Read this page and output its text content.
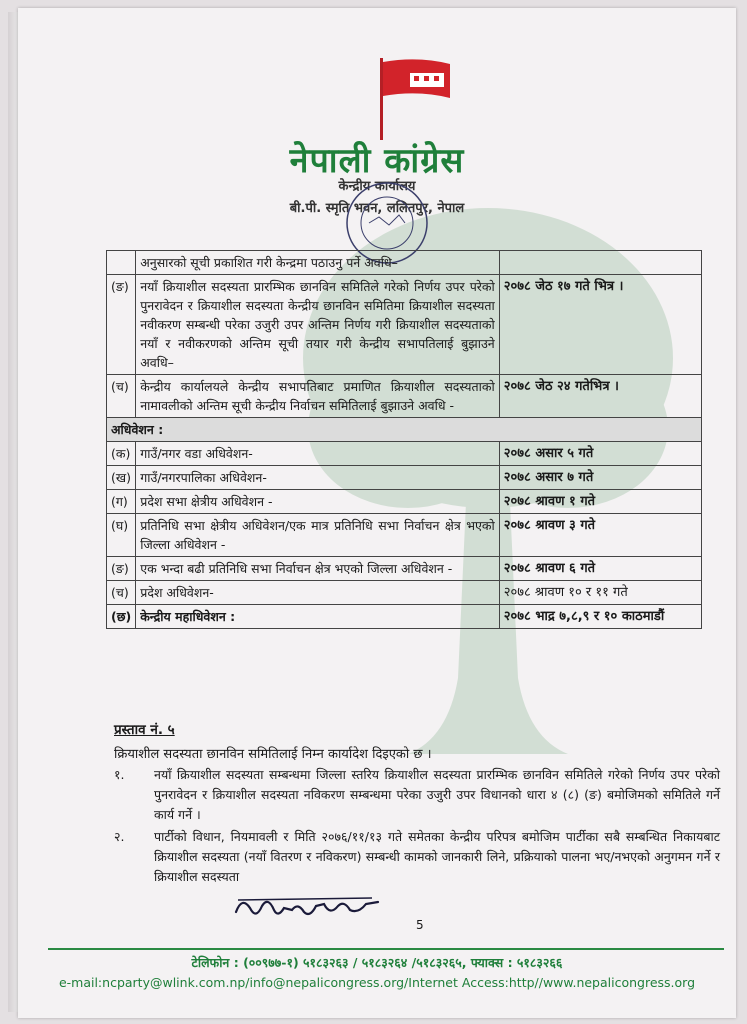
नेपाली कांग्रेस
केन्द्रीय कार्यालय
बी.पी. स्मृति भवन, ललितपुर, नेपाल
	अनुसारको सूची प्रकाशित गरी केन्द्रमा पठाउनु पर्ने अवधि–	
(ङ)	नयाँ क्रियाशील सदस्यता प्रारम्भिक छानविन समितिले गरेको निर्णय उपर परेको पुनरावेदन र क्रियाशील सदस्यता केन्द्रीय छानविन समितिमा क्रियाशील सदस्यता नवीकरण सम्बन्धी परेका उजुरी उपर अन्तिम निर्णय गरी क्रियाशील सदस्यताको नयाँ र नवीकरणको अन्तिम सूची तयार गरी केन्द्रीय सभापतिलाई बुझाउने अवधि–	२०७८ जेठ १७ गते भित्र ।
(च)	केन्द्रीय कार्यालयले केन्द्रीय सभापतिबाट प्रमाणित क्रियाशील सदस्यताको नामावलीको अन्तिम सूची केन्द्रीय निर्वाचन समितिलाई बुझाउने अवधि -	२०७८ जेठ २४ गतेभित्र ।
अधिवेशन :		
(क)	गाउँ/नगर वडा अधिवेशन-	२०७८ असार ५ गते
(ख)	गाउँ/नगरपालिका अधिवेशन-	२०७८ असार ७ गते
(ग)	प्रदेश सभा क्षेत्रीय अधिवेशन -	२०७८ श्रावण १ गते
(घ)	प्रतिनिधि सभा क्षेत्रीय अधिवेशन/एक मात्र प्रतिनिधि सभा निर्वाचन क्षेत्र भएको जिल्ला अधिवेशन -	२०७८ श्रावण ३ गते
(ङ)	एक भन्दा बढी प्रतिनिधि सभा निर्वाचन क्षेत्र भएको जिल्ला अधिवेशन -	२०७८ श्रावण ६ गते
(च)	प्रदेश अधिवेशन-	२०७८ श्रावण १० र ११ गते
(छ)	केन्द्रीय महाधिवेशन :	२०७८ भाद्र ७,८,९ र १० काठमाडौं
प्रस्ताव नं. ५
क्रियाशील सदस्यता छानविन समितिलाई निम्न कार्यादेश दिइएको छ ।
१.	नयाँ क्रियाशील सदस्यता सम्बन्धमा जिल्ला स्तरिय क्रियाशील सदस्यता प्रारम्भिक छानविन समितिले गरेको निर्णय उपर परेको पुनरावेदन र क्रियाशील सदस्यता नविकरण सम्बन्धमा परेका उजुरी उपर विधानको धारा ४ (८) (ङ) बमोजिमको समितिले गर्ने कार्य गर्ने ।
२.	पार्टीको विधान, नियमावली र मिति २०७६/११/१३ गते समेतका केन्द्रीय परिपत्र बमोजिम पार्टीका सबै सम्बन्धित निकायबाट क्रियाशील सदस्यता (नयाँ वितरण र नविकरण) सम्बन्धी कामको जानकारी लिने, प्रक्रियाको पालना भए/नभएको अनुगमन गर्ने र क्रियाशील सदस्यता
5
टेलिफोन : (००९७७-१) ५१८३२६३ / ५१८३२६४ /५१८३२६५, फ्याक्स : ५१८३२६६
e-mail:ncparty@wlink.com.np/info@nepalicongress.org/Internet Access:http//www.nepalicongress.org
